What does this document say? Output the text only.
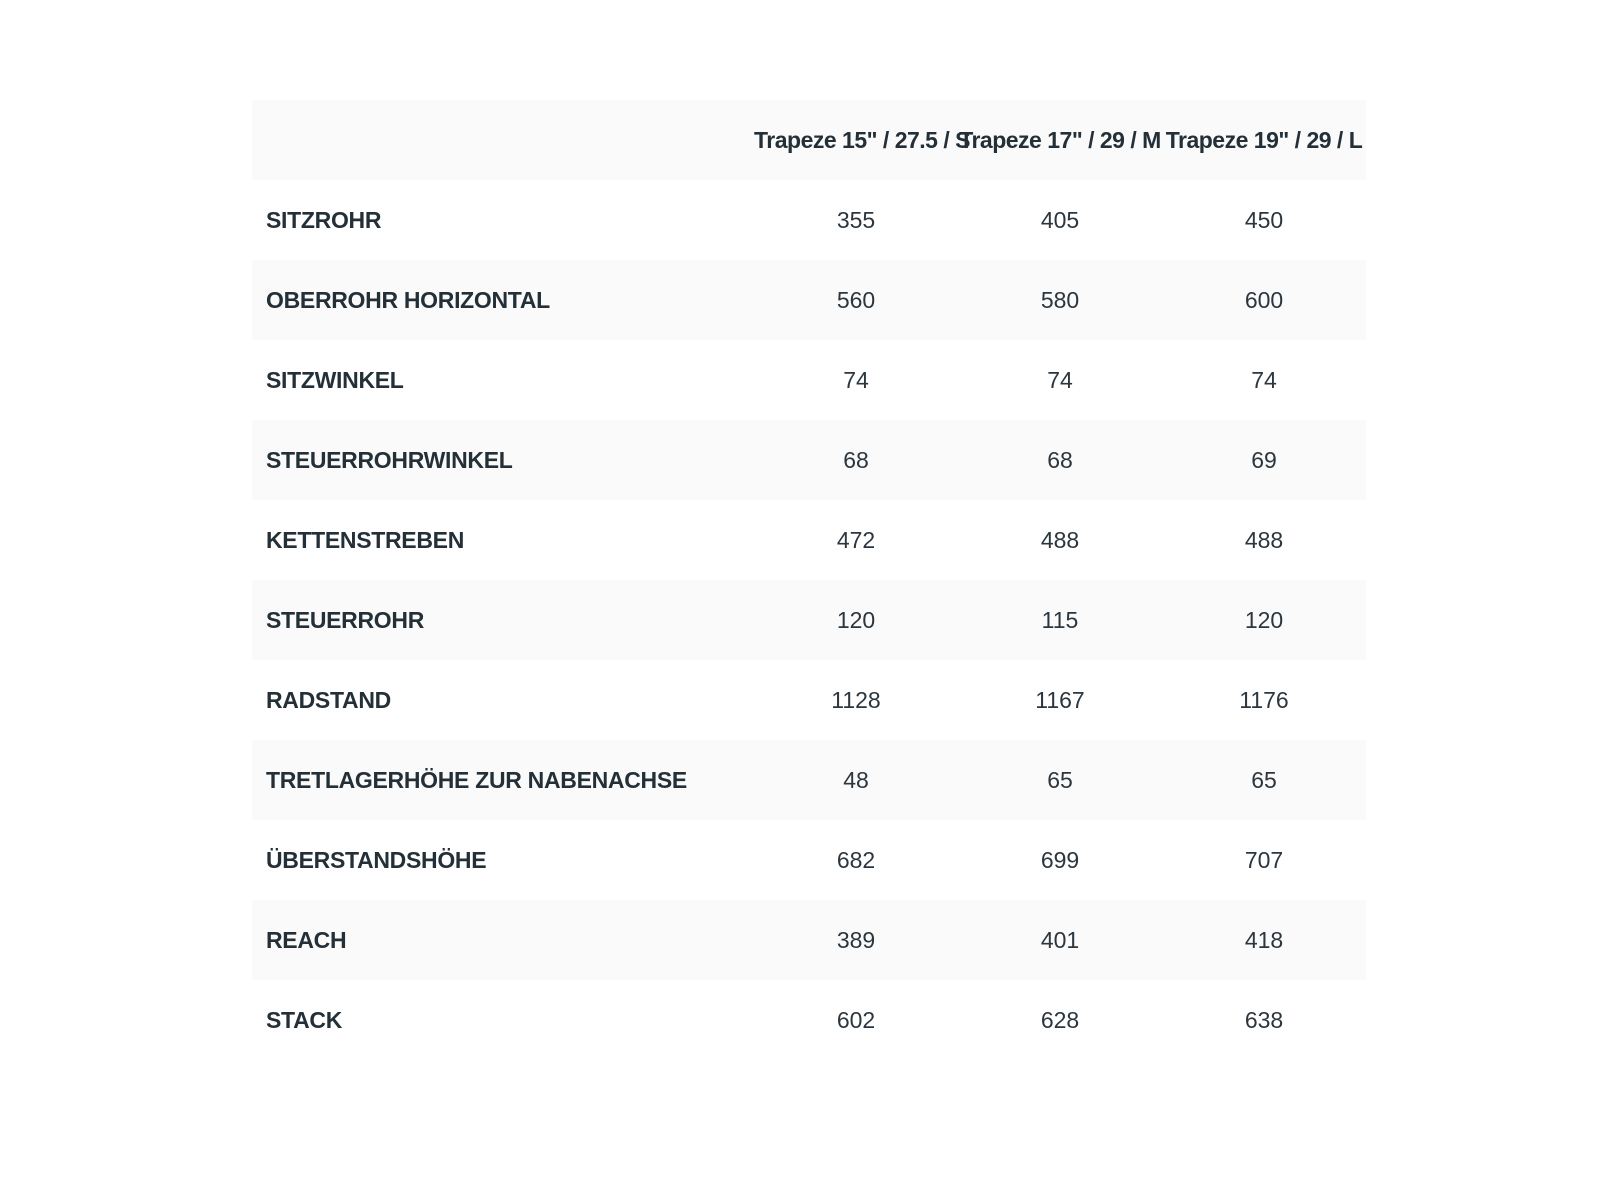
	Trapeze 15" / 27.5 / S	Trapeze 17" / 29 / M	Trapeze 19" / 29 / L
SITZROHR	355	405	450
OBERROHR HORIZONTAL	560	580	600
SITZWINKEL	74	74	74
STEUERROHRWINKEL	68	68	69
KETTENSTREBEN	472	488	488
STEUERROHR	120	115	120
RADSTAND	1128	1167	1176
TRETLAGERHÖHE ZUR NABENACHSE	48	65	65
ÜBERSTANDSHÖHE	682	699	707
REACH	389	401	418
STACK	602	628	638
